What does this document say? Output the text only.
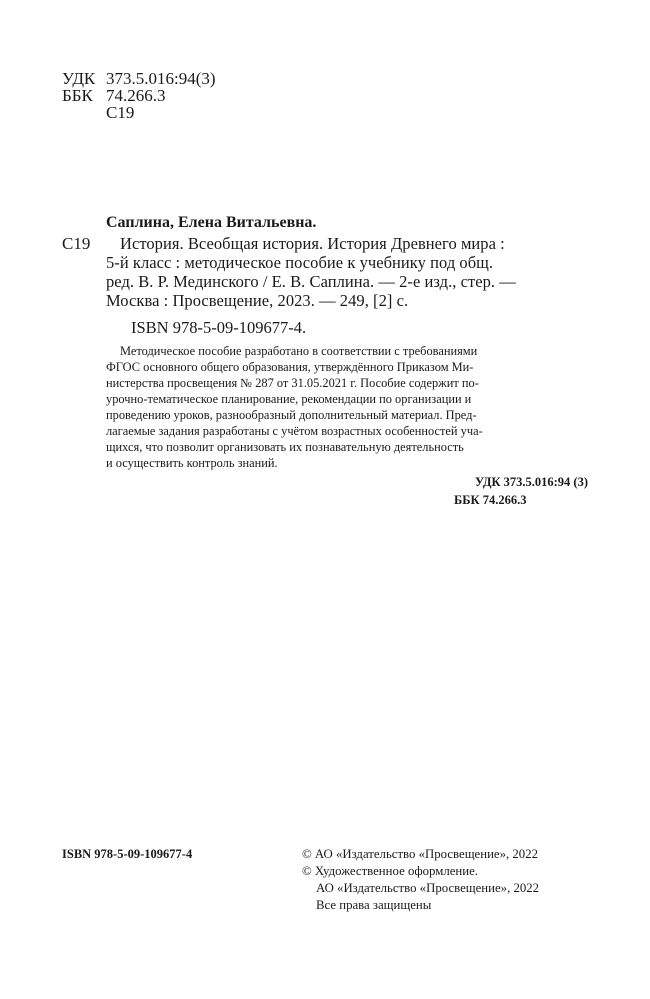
УДК 373.5.016:94(3)
ББК 74.266.3
С19
Саплина, Елена Витальевна.
С19 История. Всеобщая история. История Древнего мира :
5-й класс : методическое пособие к учебнику под общ.
ред. В. Р. Мединского / Е. В. Саплина. — 2-е изд., стер. —
Москва : Просвещение, 2023. — 249, [2] с.
ISBN 978-5-09-109677-4.
Методическое пособие разработано в соответствии с требованиями
ФГОС основного общего образования, утверждённого Приказом Ми-
нистерства просвещения № 287 от 31.05.2021 г. Пособие содержит по-
урочно-тематическое планирование, рекомендации по организации и
проведению уроков, разнообразный дополнительный материал. Пред-
лагаемые задания разработаны с учётом возрастных особенностей уча-
щихся, что позволит организовать их познавательную деятельность
и осуществить контроль знаний.
УДК 373.5.016:94 (3)
ББК 74.266.3
ISBN 978-5-09-109677-4	© АО «Издательство «Просвещение», 2022
© Художественное оформление.
АО «Издательство «Просвещение», 2022
Все права защищены
